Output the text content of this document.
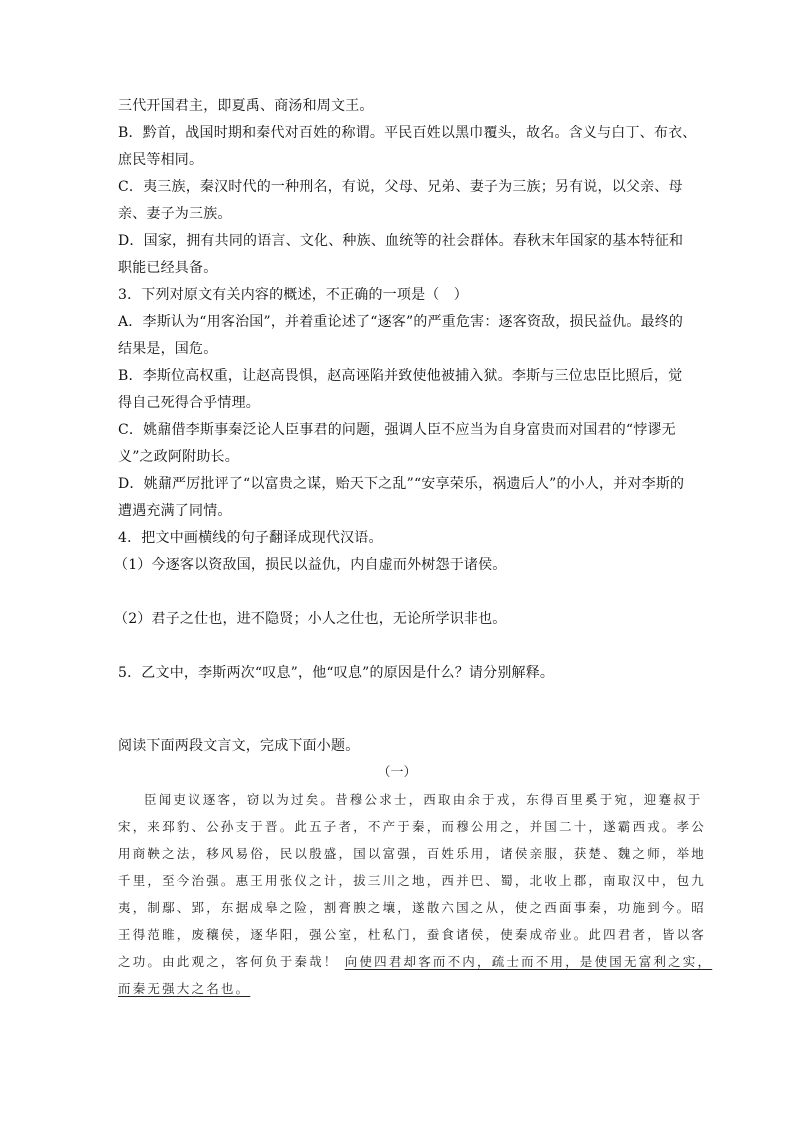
三代开国君主，即夏禹、商汤和周文王。
B．黔首，战国时期和秦代对百姓的称谓。平民百姓以黑巾覆头，故名。含义与白丁、布衣、
庶民等相同。
C．夷三族，秦汉时代的一种刑名，有说，父母、兄弟、妻子为三族；另有说，以父亲、母
亲、妻子为三族。
D．国家，拥有共同的语言、文化、种族、血统等的社会群体。春秋末年国家的基本特征和
职能已经具备。
3．下列对原文有关内容的概述，不正确的一项是（　）
A．李斯认为“用客治国”，并着重论述了“逐客”的严重危害：逐客资敌，损民益仇。最终的
结果是，国危。
B．李斯位高权重，让赵高畏惧，赵高诬陷并致使他被捕入狱。李斯与三位忠臣比照后，觉
得自己死得合乎情理。
C．姚鼐借李斯事秦泛论人臣事君的问题，强调人臣不应当为自身富贵而对国君的“悖谬无
义”之政阿附助长。
D．姚鼐严厉批评了“以富贵之谋，贻天下之乱”“安享荣乐，祸遗后人”的小人，并对李斯的
遭遇充满了同情。
4．把文中画横线的句子翻译成现代汉语。
（1）今逐客以资敌国，损民以益仇，内自虚而外树怨于诸侯。
（2）君子之仕也，进不隐贤；小人之仕也，无论所学识非也。
5．乙文中，李斯两次“叹息”，他“叹息”的原因是什么？请分别解释。
阅读下面两段文言文，完成下面小题。
（一）
臣闻吏议逐客，窃以为过矣。昔穆公求士，西取由余于戎，东得百里奚于宛，迎蹇叔于
宋，来邳豹、公孙支于晋。此五子者，不产于秦，而穆公用之，并国二十，遂霸西戎。孝公
用商鞅之法，移风易俗，民以殷盛，国以富强，百姓乐用，诸侯亲服，获楚、魏之师，举地
千里，至今治强。惠王用张仪之计，拔三川之地，西并巴、蜀，北收上郡，南取汉中，包九
夷，制鄢、郢，东据成皋之险，割膏腴之壤，遂散六国之从，使之西面事秦，功施到今。昭
王得范睢，废穰侯，逐华阳，强公室，杜私门，蚕食诸侯，使秦成帝业。此四君者，皆以客
之功。由此观之，客何负于秦哉！ 向使四君却客而不内，疏士而不用，是使国无富利之实，
而秦无强大之名也。
